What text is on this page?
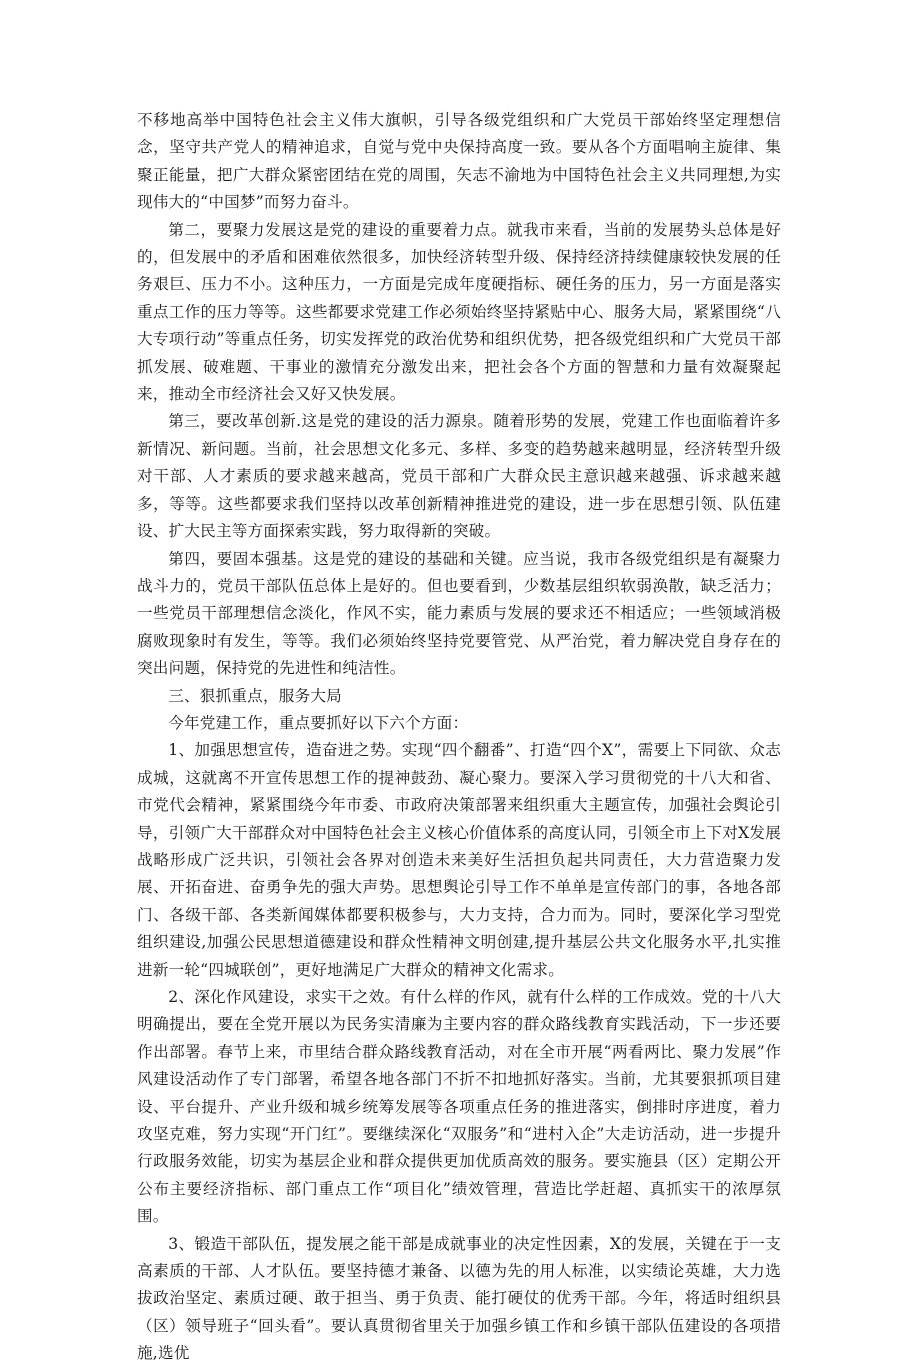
不移地高举中国特色社会主义伟大旗帜，引导各级党组织和广大党员干部始终坚定理想信念，坚守共产党人的精神追求，自觉与党中央保持高度一致。要从各个方面唱响主旋律、集聚正能量，把广大群众紧密团结在党的周围，矢志不渝地为中国特色社会主义共同理想,为实现伟大的“中国梦”而努力奋斗。

第二，要聚力发展这是党的建设的重要着力点。就我市来看，当前的发展势头总体是好的，但发展中的矛盾和困难依然很多，加快经济转型升级、保持经济持续健康较快发展的任务艰巨、压力不小。这种压力，一方面是完成年度硬指标、硬任务的压力，另一方面是落实重点工作的压力等等。这些都要求党建工作必须始终坚持紧贴中心、服务大局，紧紧围绕“八大专项行动”等重点任务，切实发挥党的政治优势和组织优势，把各级党组织和广大党员干部抓发展、破难题、干事业的激情充分激发出来，把社会各个方面的智慧和力量有效凝聚起来，推动全市经济社会又好又快发展。

第三，要改革创新.这是党的建设的活力源泉。随着形势的发展，党建工作也面临着许多新情况、新问题。当前，社会思想文化多元、多样、多变的趋势越来越明显，经济转型升级对干部、人才素质的要求越来越高，党员干部和广大群众民主意识越来越强、诉求越来越多，等等。这些都要求我们坚持以改革创新精神推进党的建设，进一步在思想引领、队伍建设、扩大民主等方面探索实践，努力取得新的突破。

第四，要固本强基。这是党的建设的基础和关键。应当说，我市各级党组织是有凝聚力战斗力的，党员干部队伍总体上是好的。但也要看到，少数基层组织软弱涣散，缺乏活力；一些党员干部理想信念淡化，作风不实，能力素质与发展的要求还不相适应；一些领域消极腐败现象时有发生，等等。我们必须始终坚持党要管党、从严治党，着力解决党自身存在的突出问题，保持党的先进性和纯洁性。

三、狠抓重点，服务大局

今年党建工作，重点要抓好以下六个方面：

1、加强思想宣传，造奋进之势。实现“四个翻番”、打造“四个X”，需要上下同欲、众志成城，这就离不开宣传思想工作的提神鼓劲、凝心聚力。要深入学习贯彻党的十八大和省、市党代会精神，紧紧围绕今年市委、市政府决策部署来组织重大主题宣传，加强社会舆论引导，引领广大干部群众对中国特色社会主义核心价值体系的高度认同，引领全市上下对X发展战略形成广泛共识，引领社会各界对创造未来美好生活担负起共同责任，大力营造聚力发展、开拓奋进、奋勇争先的强大声势。思想舆论引导工作不单单是宣传部门的事，各地各部门、各级干部、各类新闻媒体都要积极参与，大力支持，合力而为。同时，要深化学习型党组织建设,加强公民思想道德建设和群众性精神文明创建,提升基层公共文化服务水平,扎实推进新一轮“四城联创”，更好地满足广大群众的精神文化需求。

2、深化作风建设，求实干之效。有什么样的作风，就有什么样的工作成效。党的十八大明确提出，要在全党开展以为民务实清廉为主要内容的群众路线教育实践活动，下一步还要作出部署。春节上来，市里结合群众路线教育活动，对在全市开展“两看两比、聚力发展”作风建设活动作了专门部署，希望各地各部门不折不扣地抓好落实。当前，尤其要狠抓项目建设、平台提升、产业升级和城乡统筹发展等各项重点任务的推进落实，倒排时序进度，着力攻坚克难，努力实现“开门红”。要继续深化“双服务”和“进村入企”大走访活动，进一步提升行政服务效能，切实为基层企业和群众提供更加优质高效的服务。要实施县（区）定期公开公布主要经济指标、部门重点工作“项目化”绩效管理，营造比学赶超、真抓实干的浓厚氛围。

3、锻造干部队伍，提发展之能干部是成就事业的决定性因素，X的发展，关键在于一支高素质的干部、人才队伍。要坚持德才兼备、以德为先的用人标准，以实绩论英雄，大力选拔政治坚定、素质过硬、敢于担当、勇于负责、能打硬仗的优秀干部。今年，将适时组织县（区）领导班子“回头看”。要认真贯彻省里关于加强乡镇工作和乡镇干部队伍建设的各项措施,选优
